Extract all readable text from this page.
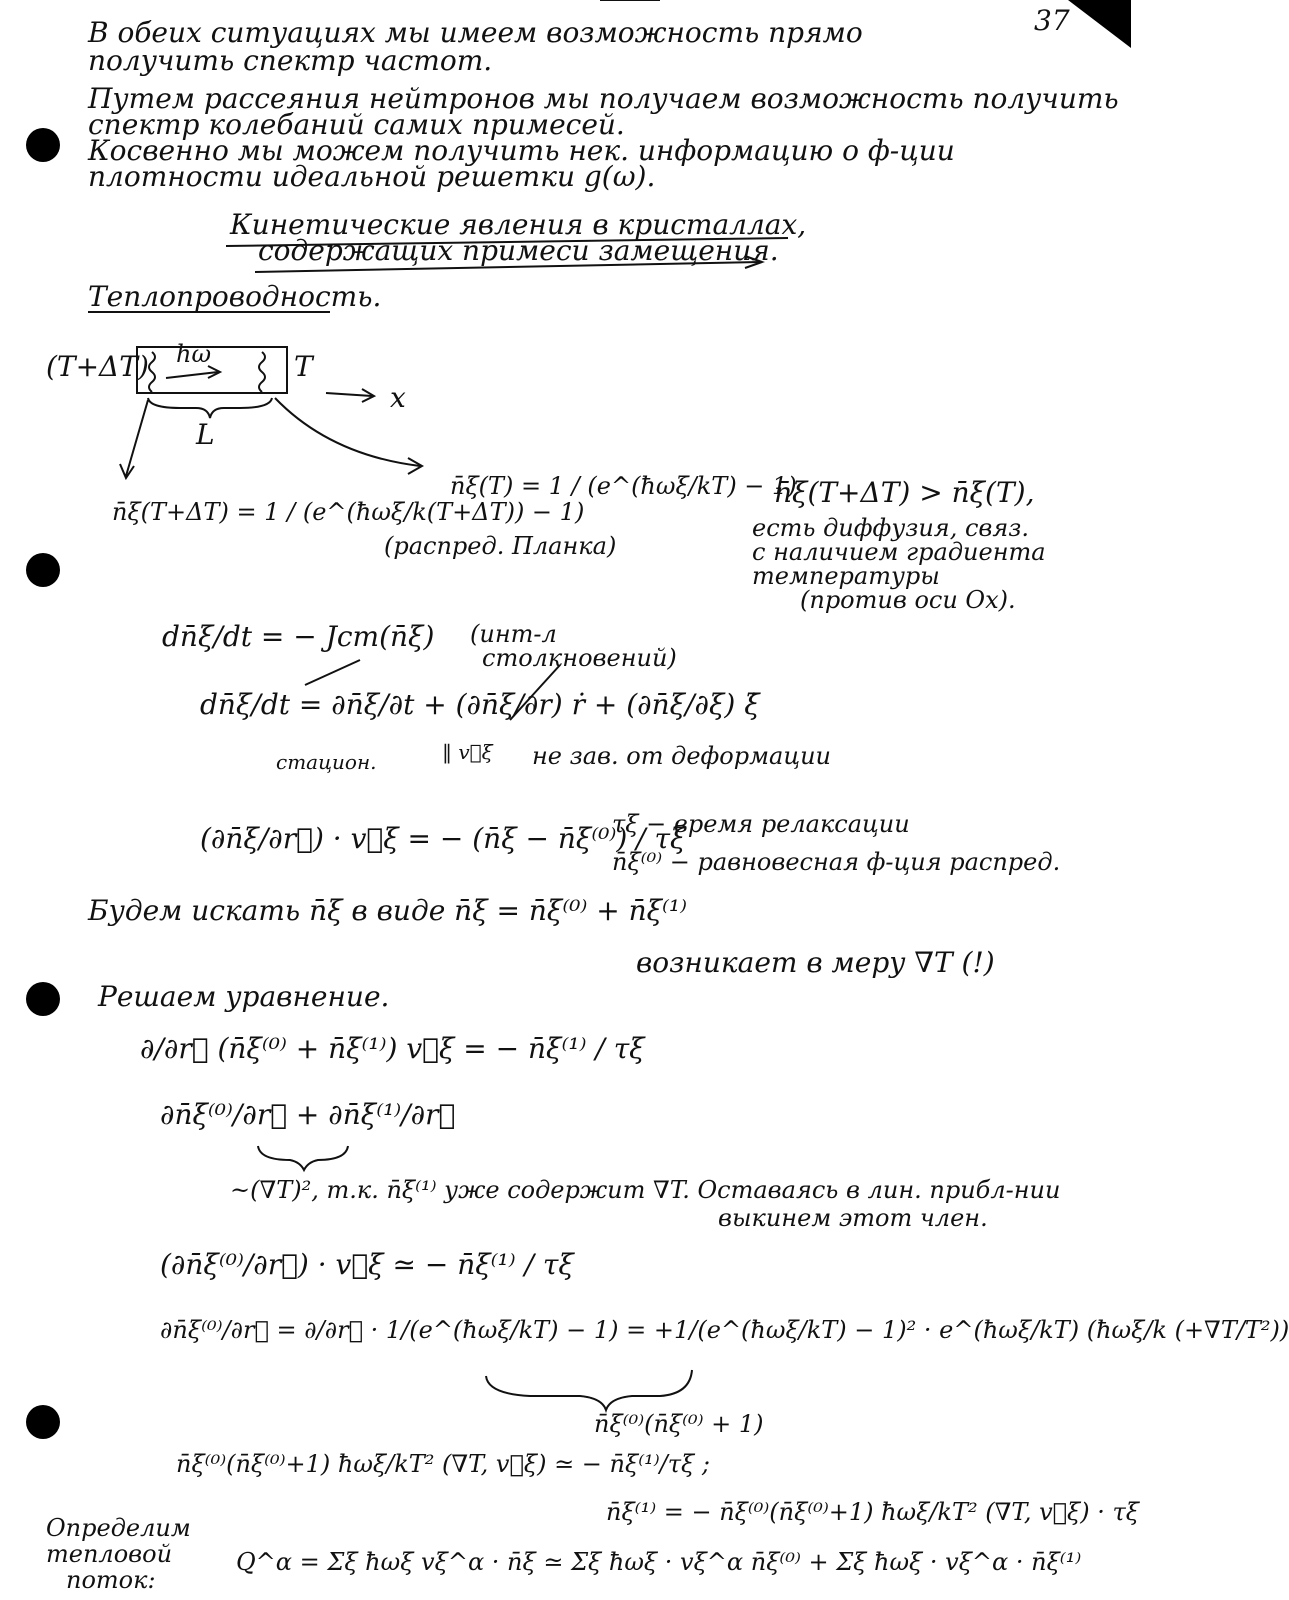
37
В обеих ситуациях мы имеем возможность прямо
получить спектр частот.
Путем рассеяния нейтронов мы получаем возможность получить
спектр колебаний самих примесей.
Косвенно мы можем получить нек. информацию о ф-ции
плотности идеальной решетки g(ω).
Кинетические явления в кристаллах,
содержащих примеси замещения.
Теплопроводность.
(T+ΔT) ħω	T
x
L
n̄ξ(T+ΔT) = 1 / (e^(ħωξ/k(T+ΔT)) − 1)
(распред. Планка)
n̄ξ(T) = 1 / (e^(ħωξ/kT) − 1)
n̄ξ(T+ΔT) > n̄ξ(T),
есть диффузия, связ.
с наличием градиента
температуры
(против оси Ox).
dn̄ξ/dt = − Jст(n̄ξ) (инт-л
столкновений)
dn̄ξ/dt = ∂n̄ξ/∂t + (∂n̄ξ/∂r) ṙ + (∂n̄ξ/∂ξ) ξ̇
стацион.	‖ v⃗ξ не зав. от деформации
(∂n̄ξ/∂r⃗) · v⃗ξ = − (n̄ξ − n̄ξ⁽⁰⁾) / τξ
τξ − время релаксации
n̄ξ⁽⁰⁾ − равновесная ф-ция распред.
Будем искать n̄ξ в виде n̄ξ = n̄ξ⁽⁰⁾ + n̄ξ⁽¹⁾
возникает в меру ∇T (!)
Решаем уравнение.
∂/∂r⃗ (n̄ξ⁽⁰⁾ + n̄ξ⁽¹⁾) v⃗ξ = − n̄ξ⁽¹⁾ / τξ
∂n̄ξ⁽⁰⁾/∂r⃗ + ∂n̄ξ⁽¹⁾/∂r⃗
~(∇T)², т.к. n̄ξ⁽¹⁾ уже содержит ∇T. Оставаясь в лин. прибл-нии
выкинем этот член.
(∂n̄ξ⁽⁰⁾/∂r⃗) · v⃗ξ ≃ − n̄ξ⁽¹⁾ / τξ
∂n̄ξ⁽⁰⁾/∂r⃗ = ∂/∂r⃗ · 1/(e^(ħωξ/kT) − 1) = +1/(e^(ħωξ/kT) − 1)² · e^(ħωξ/kT) (ħωξ/k (+∇T/T²))
n̄ξ⁽⁰⁾(n̄ξ⁽⁰⁾ + 1)
n̄ξ⁽⁰⁾(n̄ξ⁽⁰⁾+1) ħωξ/kT² (∇T, v⃗ξ) ≃ − n̄ξ⁽¹⁾/τξ ;
n̄ξ⁽¹⁾ = − n̄ξ⁽⁰⁾(n̄ξ⁽⁰⁾+1) ħωξ/kT² (∇T, v⃗ξ) · τξ
Определим
тепловой
поток:
Q^α = Σξ ħωξ vξ^α · n̄ξ ≃ Σξ ħωξ · vξ^α n̄ξ⁽⁰⁾ + Σξ ħωξ · vξ^α · n̄ξ⁽¹⁾
